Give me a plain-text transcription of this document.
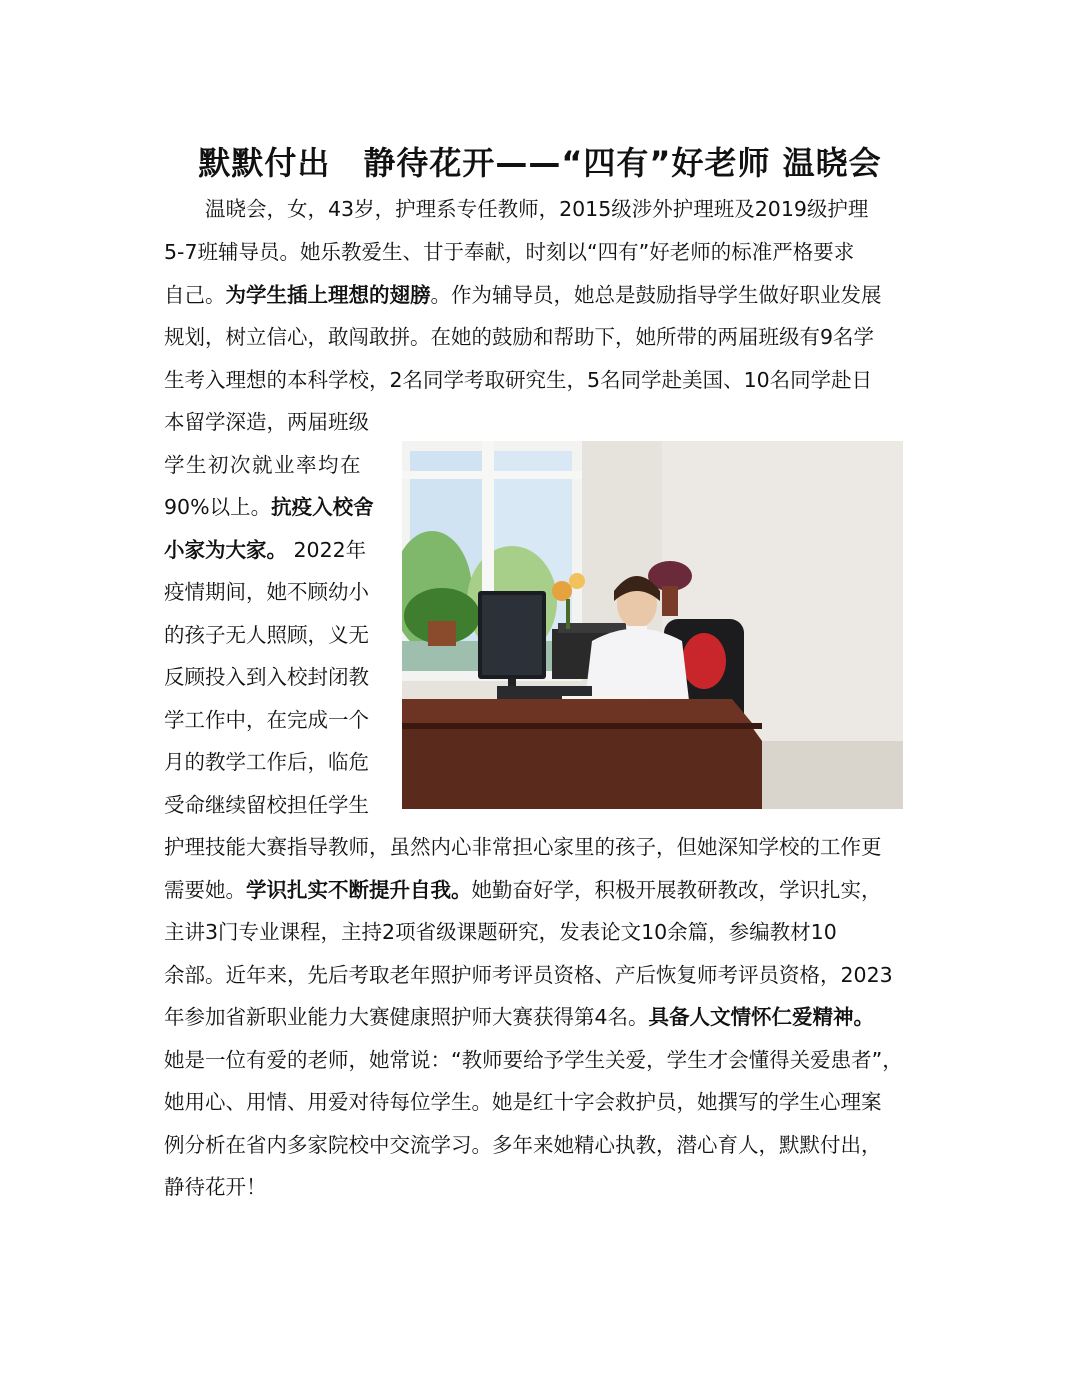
默默付出　静待花开——“四有”好老师 温晓会
　　温晓会，女，43岁，护理系专任教师，2015级涉外护理班及2019级护理
5-7班辅导员。她乐教爱生、甘于奉献，时刻以“四有”好老师的标准严格要求
自己。为学生插上理想的翅膀。作为辅导员，她总是鼓励指导学生做好职业发展
规划，树立信心，敢闯敢拼。在她的鼓励和帮助下，她所带的两届班级有9名学
生考入理想的本科学校，2名同学考取研究生，5名同学赴美国、10名同学赴日
本留学深造，两届班级
学生初次就业率均在
90%以上。抗疫入校舍
小家为大家。 2022年
疫情期间，她不顾幼小
的孩子无人照顾，义无
反顾投入到入校封闭教
学工作中，在完成一个
月的教学工作后，临危
受命继续留校担任学生
护理技能大赛指导教师，虽然内心非常担心家里的孩子，但她深知学校的工作更
需要她。学识扎实不断提升自我。她勤奋好学，积极开展教研教改，学识扎实，
主讲3门专业课程，主持2项省级课题研究，发表论文10余篇，参编教材10
余部。近年来，先后考取老年照护师考评员资格、产后恢复师考评员资格，2023
年参加省新职业能力大赛健康照护师大赛获得第4名。具备人文情怀仁爱精神。
她是一位有爱的老师，她常说：“教师要给予学生关爱，学生才会懂得关爱患者”，
她用心、用情、用爱对待每位学生。她是红十字会救护员，她撰写的学生心理案
例分析在省内多家院校中交流学习。多年来她精心执教，潜心育人，默默付出，
静待花开！
